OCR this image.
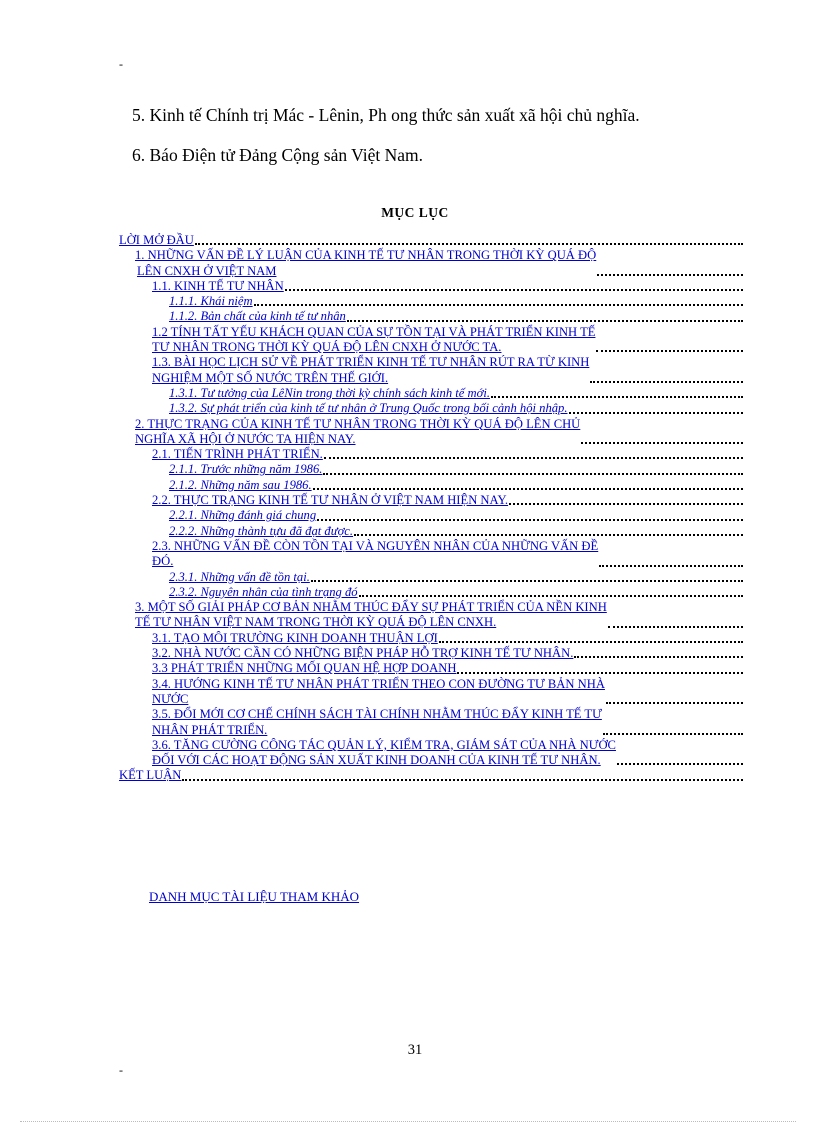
-
5. Kinh tế Chính trị Mác - Lênin, Ph ong thức sản xuất xã hội chủ nghĩa.
6. Báo Điện tử Đảng Cộng sản Việt Nam.
MỤC LỤC
LỜI MỞ ĐẦU
1. NHỮNG VẤN ĐỀ LÝ LUẬN CỦA KINH TẾ TƯ NHÂN TRONG THỜI KỲ QUÁ ĐỘ
LÊN CNXH Ở VIỆT NAM
1.1. KINH TẾ TƯ NHÂN
1.1.1. Khái niệm
1.1.2. Bản chất của kinh tế tư nhân
1.2 TÍNH TẤT YẾU KHÁCH QUAN CỦA SỰ TỒN TẠI VÀ PHÁT TRIỂN KINH TẾ
TƯ NHÂN TRONG THỜI KỲ QUÁ ĐỘ LÊN CNXH Ở NƯỚC TA.
1.3. BÀI HỌC LỊCH SỬ VỀ PHÁT TRIỂN KINH TẾ TƯ NHÂN RÚT RA TỪ KINH
NGHIỆM MỘT SỐ NƯỚC TRÊN THẾ GIỚI.
1.3.1. Tư tưởng của LêNin trong thời kỳ chính sách kinh tế mới.
1.3.2. Sự phát triển của kinh tế tư nhân ở Trung Quốc trong bối cảnh hội nhập.
2. THỰC TRẠNG CỦA KINH TẾ TƯ NHÂN TRONG THỜI KỲ QUÁ ĐỘ LÊN CHỦ
NGHĨA XÃ HỘI Ở NƯỚC TA HIỆN NAY.
2.1. TIẾN TRÌNH PHÁT TRIỂN.
2.1.1. Trước những năm 1986.
2.1.2. Những năm sau 1986.
2.2. THỰC TRẠNG KINH TẾ TƯ NHÂN Ở VIỆT NAM HIỆN NAY.
2.2.1. Những đánh giá chung
2.2.2. Những thành tựu đã đạt được.
2.3. NHỮNG VẤN ĐỀ CÒN TỒN TẠI VÀ NGUYÊN NHÂN CỦA NHỮNG VẤN ĐỀ
ĐÓ.
2.3.1. Những vấn đề tồn tại.
2.3.2. Nguyên nhân của tình trạng đó
3. MỘT SỐ GIẢI PHÁP CƠ BẢN NHẰM THÚC ĐẨY SỰ PHÁT TRIỂN CỦA NỀN KINH
TẾ TƯ NHÂN VIỆT NAM TRONG THỜI KỲ QUÁ ĐỘ LÊN CNXH.
3.1. TẠO MÔI TRƯỜNG KINH DOANH THUẬN LỢI
3.2. NHÀ NƯỚC CẦN CÓ NHỮNG BIỆN PHÁP HỖ TRỢ KINH TẾ TƯ NHÂN.
3.3 PHÁT TRIỂN NHỮNG MỐI QUAN HỆ HỢP DOANH
3.4. HƯỚNG KINH TẾ TƯ NHÂN PHÁT TRIỂN THEO CON ĐƯỜNG TƯ BẢN NHÀ
NƯỚC
3.5. ĐỔI MỚI CƠ CHẾ CHÍNH SÁCH TÀI CHÍNH NHẰM THÚC ĐẨY KINH TẾ TƯ
NHÂN PHÁT TRIỂN.
3.6. TĂNG CƯỜNG CÔNG TÁC QUẢN LÝ, KIỂM TRA, GIÁM SÁT CỦA NHÀ NƯỚC
ĐỐI VỚI CÁC HOẠT ĐỘNG SẢN XUẤT KINH DOANH CỦA KINH TẾ TƯ NHÂN.
KẾT LUẬN
DANH MỤC TÀI LIỆU THAM KHẢO
31
-
